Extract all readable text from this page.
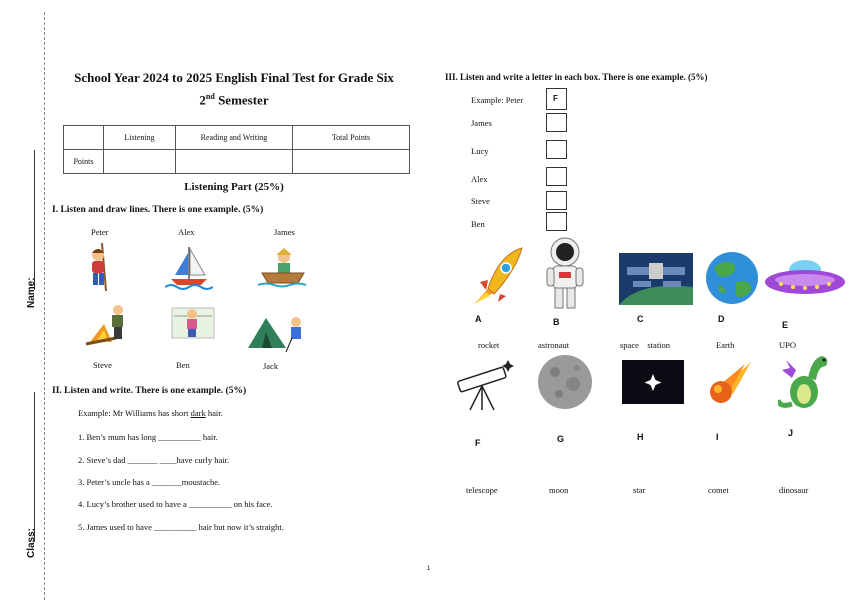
Name:
Class:
School Year 2024 to 2025 English Final Test for Grade Six
2nd Semester
	Listening	Reading and Writing	Total Points
Points			
Listening Part (25%)
I. Listen and draw lines. There is one example. (5%)
Peter	Alex	James
Steve	Ben	Jack
II. Listen and write. There is one example. (5%)
Example: Mr Williams has short dark hair.
1. Ben’s mum has long __________ hair.
2. Steve’s dad _______ ____have curly hair.
3. Peter’s uncle has a _______moustache.
4. Lucy’s brother used to have a __________ on his face.
5. James used to have __________ hair but now it’s straight.
III. Listen and write a letter in each box. There is one example. (5%)
Example: Peter	F
James
Lucy
Alex
Steve
Ben
A	B	C	D
E
rocket	astronaut	space    station	Earth	UPO
F	G	H	I	J
telescope	moon	star	comet	dinosaur
1
